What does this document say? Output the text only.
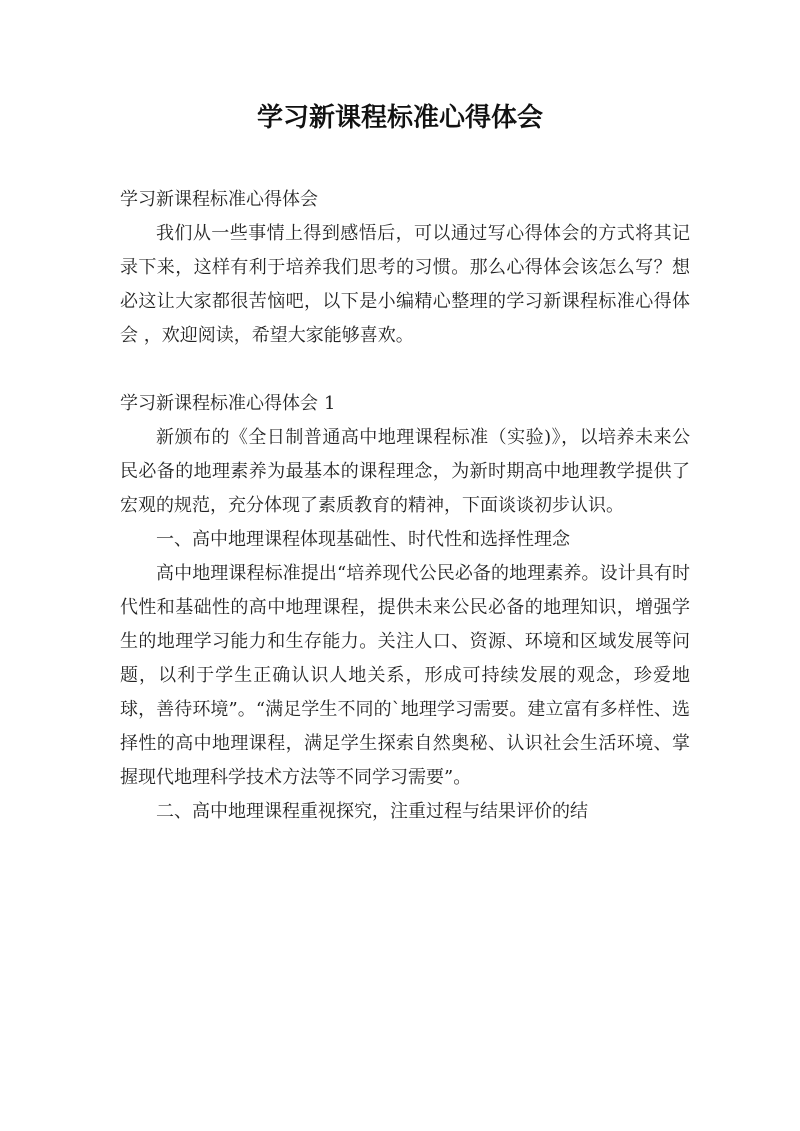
学习新课程标准心得体会

学习新课程标准心得体会

我们从一些事情上得到感悟后，可以通过写心得体会的方式将其记录下来，这样有利于培养我们思考的习惯。那么心得体会该怎么写？想必这让大家都很苦恼吧，以下是小编精心整理的学习新课程标准心得体会 ，欢迎阅读，希望大家能够喜欢。

学习新课程标准心得体会 1

新颁布的《全日制普通高中地理课程标准（实验)》，以培养未来公民必备的地理素养为最基本的课程理念，为新时期高中地理教学提供了宏观的规范，充分体现了素质教育的精神，下面谈谈初步认识。

一、高中地理课程体现基础性、时代性和选择性理念

高中地理课程标准提出“培养现代公民必备的地理素养。设计具有时代性和基础性的高中地理课程，提供未来公民必备的地理知识，增强学生的地理学习能力和生存能力。关注人口、资源、环境和区域发展等问题，以利于学生正确认识人地关系，形成可持续发展的观念，珍爱地球，善待环境”。“满足学生不同的`地理学习需要。建立富有多样性、选择性的高中地理课程，满足学生探索自然奥秘、认识社会生活环境、掌握现代地理科学技术方法等不同学习需要”。

二、高中地理课程重视探究，注重过程与结果评价的结
